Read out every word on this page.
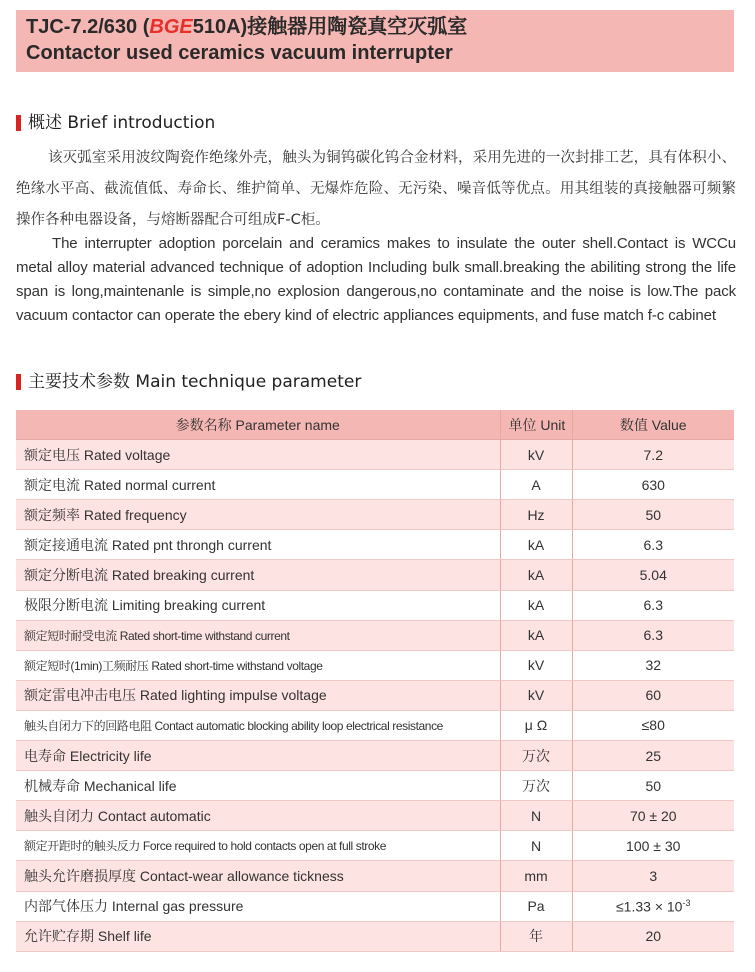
TJC-7.2/630 (BGE510A)接触器用陶瓷真空灭弧室
Contactor used ceramics vacuum interrupter
概述 Brief introduction

该灭弧室采用波纹陶瓷作绝缘外壳，触头为铜钨碳化钨合金材料，采用先进的一次封排工艺，具有体积小、绝缘水平高、截流值低、寿命长、维护简单、无爆炸危险、无污染、噪音低等优点。用其组装的真接触器可频繁操作各种电器设备，与熔断器配合可组成F-C柜。

The interrupter adoption porcelain and ceramics makes to insulate the outer shell.Contact is WCCu metal alloy material advanced technique of adoption Including bulk small.breaking the abiliting strong the life span is long,maintenanle is simple,no explosion dangerous,no contaminate and the noise is low.The pack vacuum contactor can operate the ebery kind of electric appliances equipments, and fuse match f-c cabinet

主要技术参数 Main technique parameter
参数名称 Parameter name	单位 Unit	数值 Value
额定电压 Rated voltage	kV	7.2
额定电流 Rated normal current	A	630
额定频率 Rated frequency	Hz	50
额定接通电流 Rated pnt throngh current	kA	6.3
额定分断电流 Rated breaking current	kA	5.04
极限分断电流 Limiting breaking current	kA	6.3
额定短时耐受电流 Rated short-time withstand current	kA	6.3
额定短时(1min)工频耐压 Rated short-time withstand voltage	kV	32
额定雷电冲击电压 Rated lighting impulse voltage	kV	60
触头自闭力下的回路电阻 Contact automatic blocking ability loop electrical resistance	μ Ω	≤80
电寿命 Electricity life	万次	25
机械寿命 Mechanical life	万次	50
触头自闭力 Contact automatic	N	70 ± 20
额定开距时的触头反力 Force required to hold contacts open at full stroke	N	100 ± 30
触头允许磨损厚度 Contact-wear allowance tickness	mm	3
内部气体压力 Internal gas pressure	Pa	$\le 1.33 \times 10^{-3}$
允许贮存期 Shelf life	年	20
